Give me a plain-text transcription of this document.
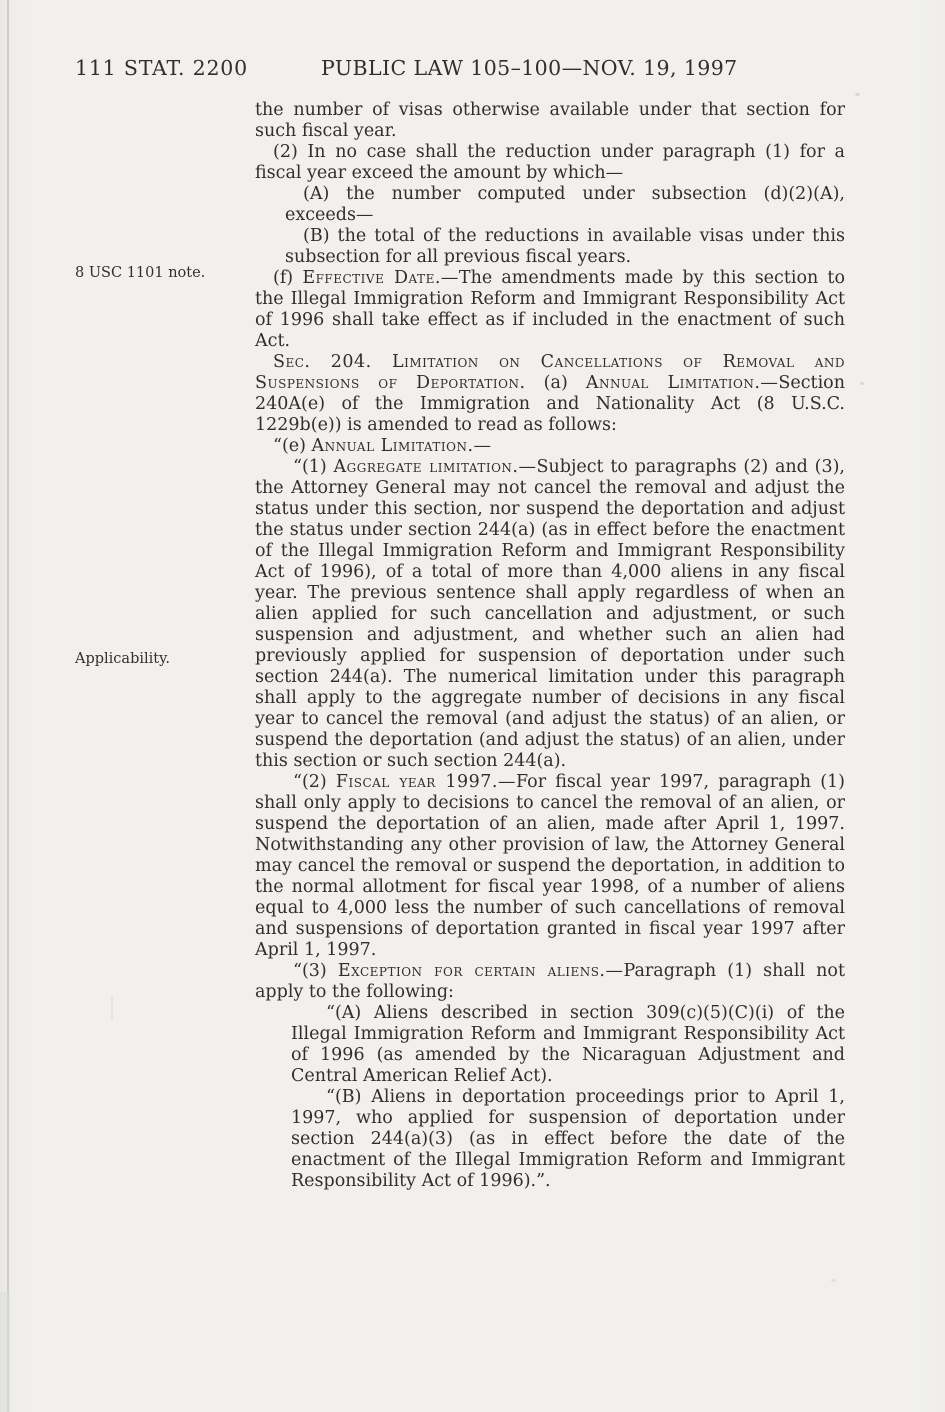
111 STAT. 2200	PUBLIC LAW 105–100—NOV. 19, 1997
8 USC 1101 note.
Applicability.

the number of visas otherwise available under that section for such fiscal year.

(2) In no case shall the reduction under paragraph (1) for a fiscal year exceed the amount by which—

(A) the number computed under subsection (d)(2)(A), exceeds—

(B) the total of the reductions in available visas under this subsection for all previous fiscal years.

(f) Effective Date.—The amendments made by this section to the Illegal Immigration Reform and Immigrant Responsibility Act of 1996 shall take effect as if included in the enactment of such Act.

Sec. 204. Limitation on Cancellations of Removal and Suspensions of Deportation. (a) Annual Limitation.—Section 240A(e) of the Immigration and Nationality Act (8 U.S.C. 1229b(e)) is amended to read as follows:

“(e) Annual Limitation.—

“(1) Aggregate limitation.—Subject to paragraphs (2) and (3), the Attorney General may not cancel the removal and adjust the status under this section, nor suspend the deportation and adjust the status under section 244(a) (as in effect before the enactment of the Illegal Immigration Reform and Immigrant Responsibility Act of 1996), of a total of more than 4,000 aliens in any fiscal year. The previous sentence shall apply regardless of when an alien applied for such cancellation and adjustment, or such suspension and adjustment, and whether such an alien had previously applied for suspension of deportation under such section 244(a). The numerical limitation under this paragraph shall apply to the aggregate number of decisions in any fiscal year to cancel the removal (and adjust the status) of an alien, or suspend the deportation (and adjust the status) of an alien, under this section or such section 244(a).

“(2) Fiscal year 1997.—For fiscal year 1997, paragraph (1) shall only apply to decisions to cancel the removal of an alien, or suspend the deportation of an alien, made after April 1, 1997. Notwithstanding any other provision of law, the Attorney General may cancel the removal or suspend the deportation, in addition to the normal allotment for fiscal year 1998, of a number of aliens equal to 4,000 less the number of such cancellations of removal and suspensions of deportation granted in fiscal year 1997 after April 1, 1997.

“(3) Exception for certain aliens.—Paragraph (1) shall not apply to the following:

“(A) Aliens described in section 309(c)(5)(C)(i) of the Illegal Immigration Reform and Immigrant Responsibility Act of 1996 (as amended by the Nicaraguan Adjustment and Central American Relief Act).

“(B) Aliens in deportation proceedings prior to April 1, 1997, who applied for suspension of deportation under section 244(a)(3) (as in effect before the date of the enactment of the Illegal Immigration Reform and Immigrant Responsibility Act of 1996).”.
